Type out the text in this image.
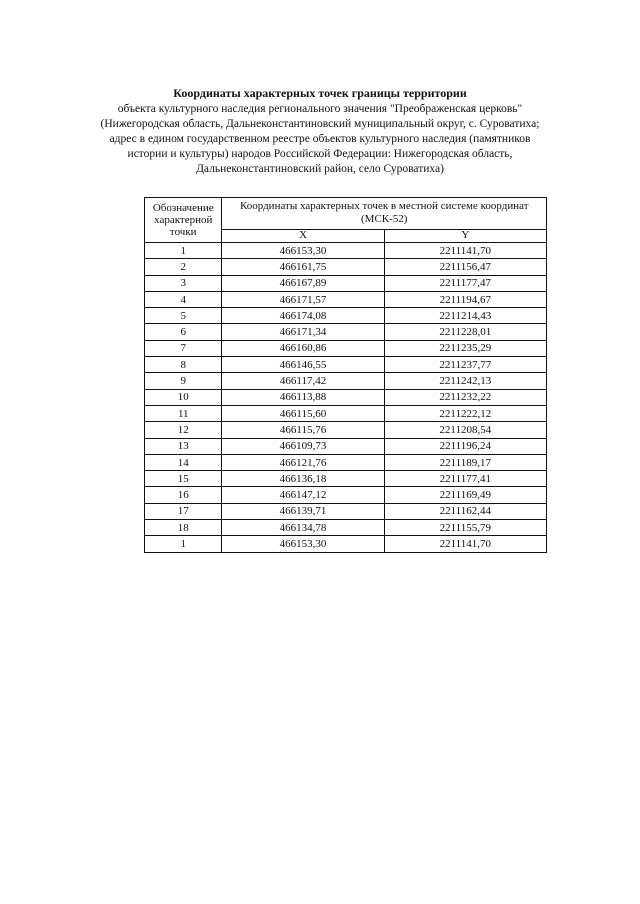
Координаты характерных точек границы территории
объекта культурного наследия регионального значения "Преображенская церковь"
(Нижегородская область, Дальнеконстантиновский муниципальный округ, с. Суроватиха;
адрес в едином государственном реестре объектов культурного наследия (памятников
истории и культуры) народов Российской Федерации: Нижегородская область,
Дальнеконстантиновский район, село Суроватиха)
Обозначение характерной точки	Координаты характерных точек в местной системе координат (МСК-52)	
	X	Y
1	466153,30	2211141,70
2	466161,75	2211156,47
3	466167,89	2211177,47
4	466171,57	2211194,67
5	466174,08	2211214,43
6	466171,34	2211228,01
7	466160,86	2211235,29
8	466146,55	2211237,77
9	466117,42	2211242,13
10	466113,88	2211232,22
11	466115,60	2211222,12
12	466115,76	2211208,54
13	466109,73	2211196,24
14	466121,76	2211189,17
15	466136,18	2211177,41
16	466147,12	2211169,49
17	466139,71	2211162,44
18	466134,78	2211155,79
1	466153,30	2211141,70
